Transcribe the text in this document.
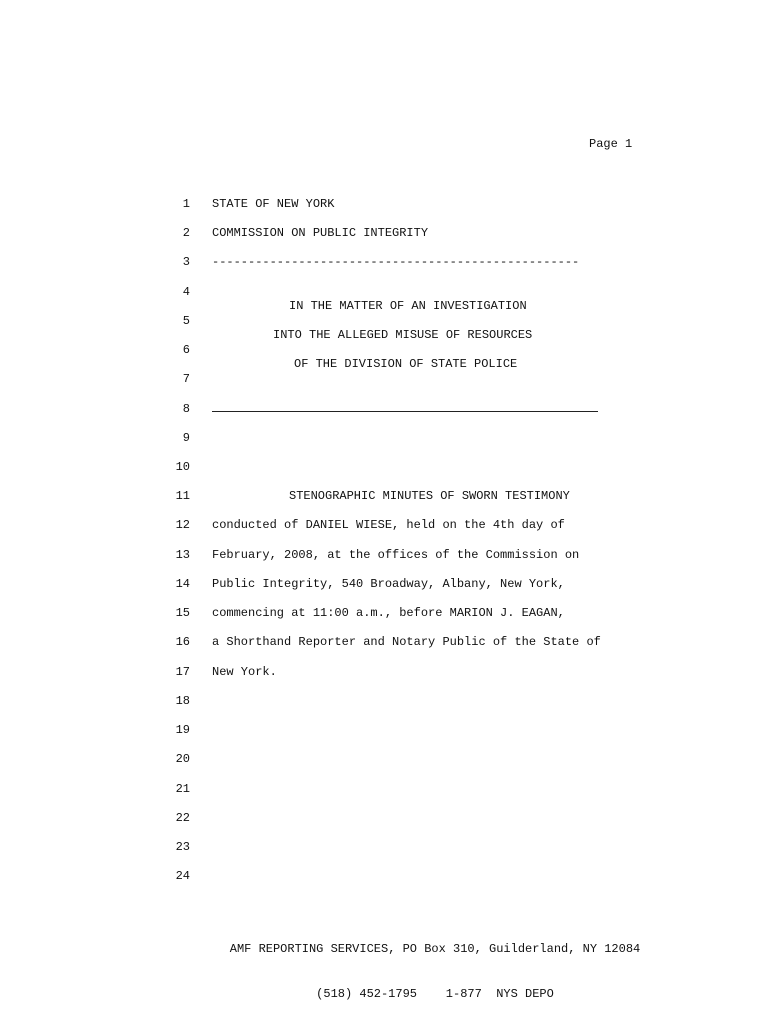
Page 1
1
2
3
4
5
6
7
8
9
10
11
12
13
14
15
16
17
18
19
20
21
22
23
24
STATE OF NEW YORK
COMMISSION ON PUBLIC INTEGRITY
---------------------------------------------------
IN THE MATTER OF AN INVESTIGATION
INTO THE ALLEGED MISUSE OF RESOURCES
OF THE DIVISION OF STATE POLICE
STENOGRAPHIC MINUTES OF SWORN TESTIMONY
conducted of DANIEL WIESE, held on the 4th day of
February, 2008, at the offices of the Commission on
Public Integrity, 540 Broadway, Albany, New York,
commencing at 11:00 a.m., before MARION J. EAGAN,
a Shorthand Reporter and Notary Public of the State of
New York.

AMF REPORTING SERVICES, PO Box 310, Guilderland, NY 12084

(518) 452-1795    1-877  NYS DEPO
